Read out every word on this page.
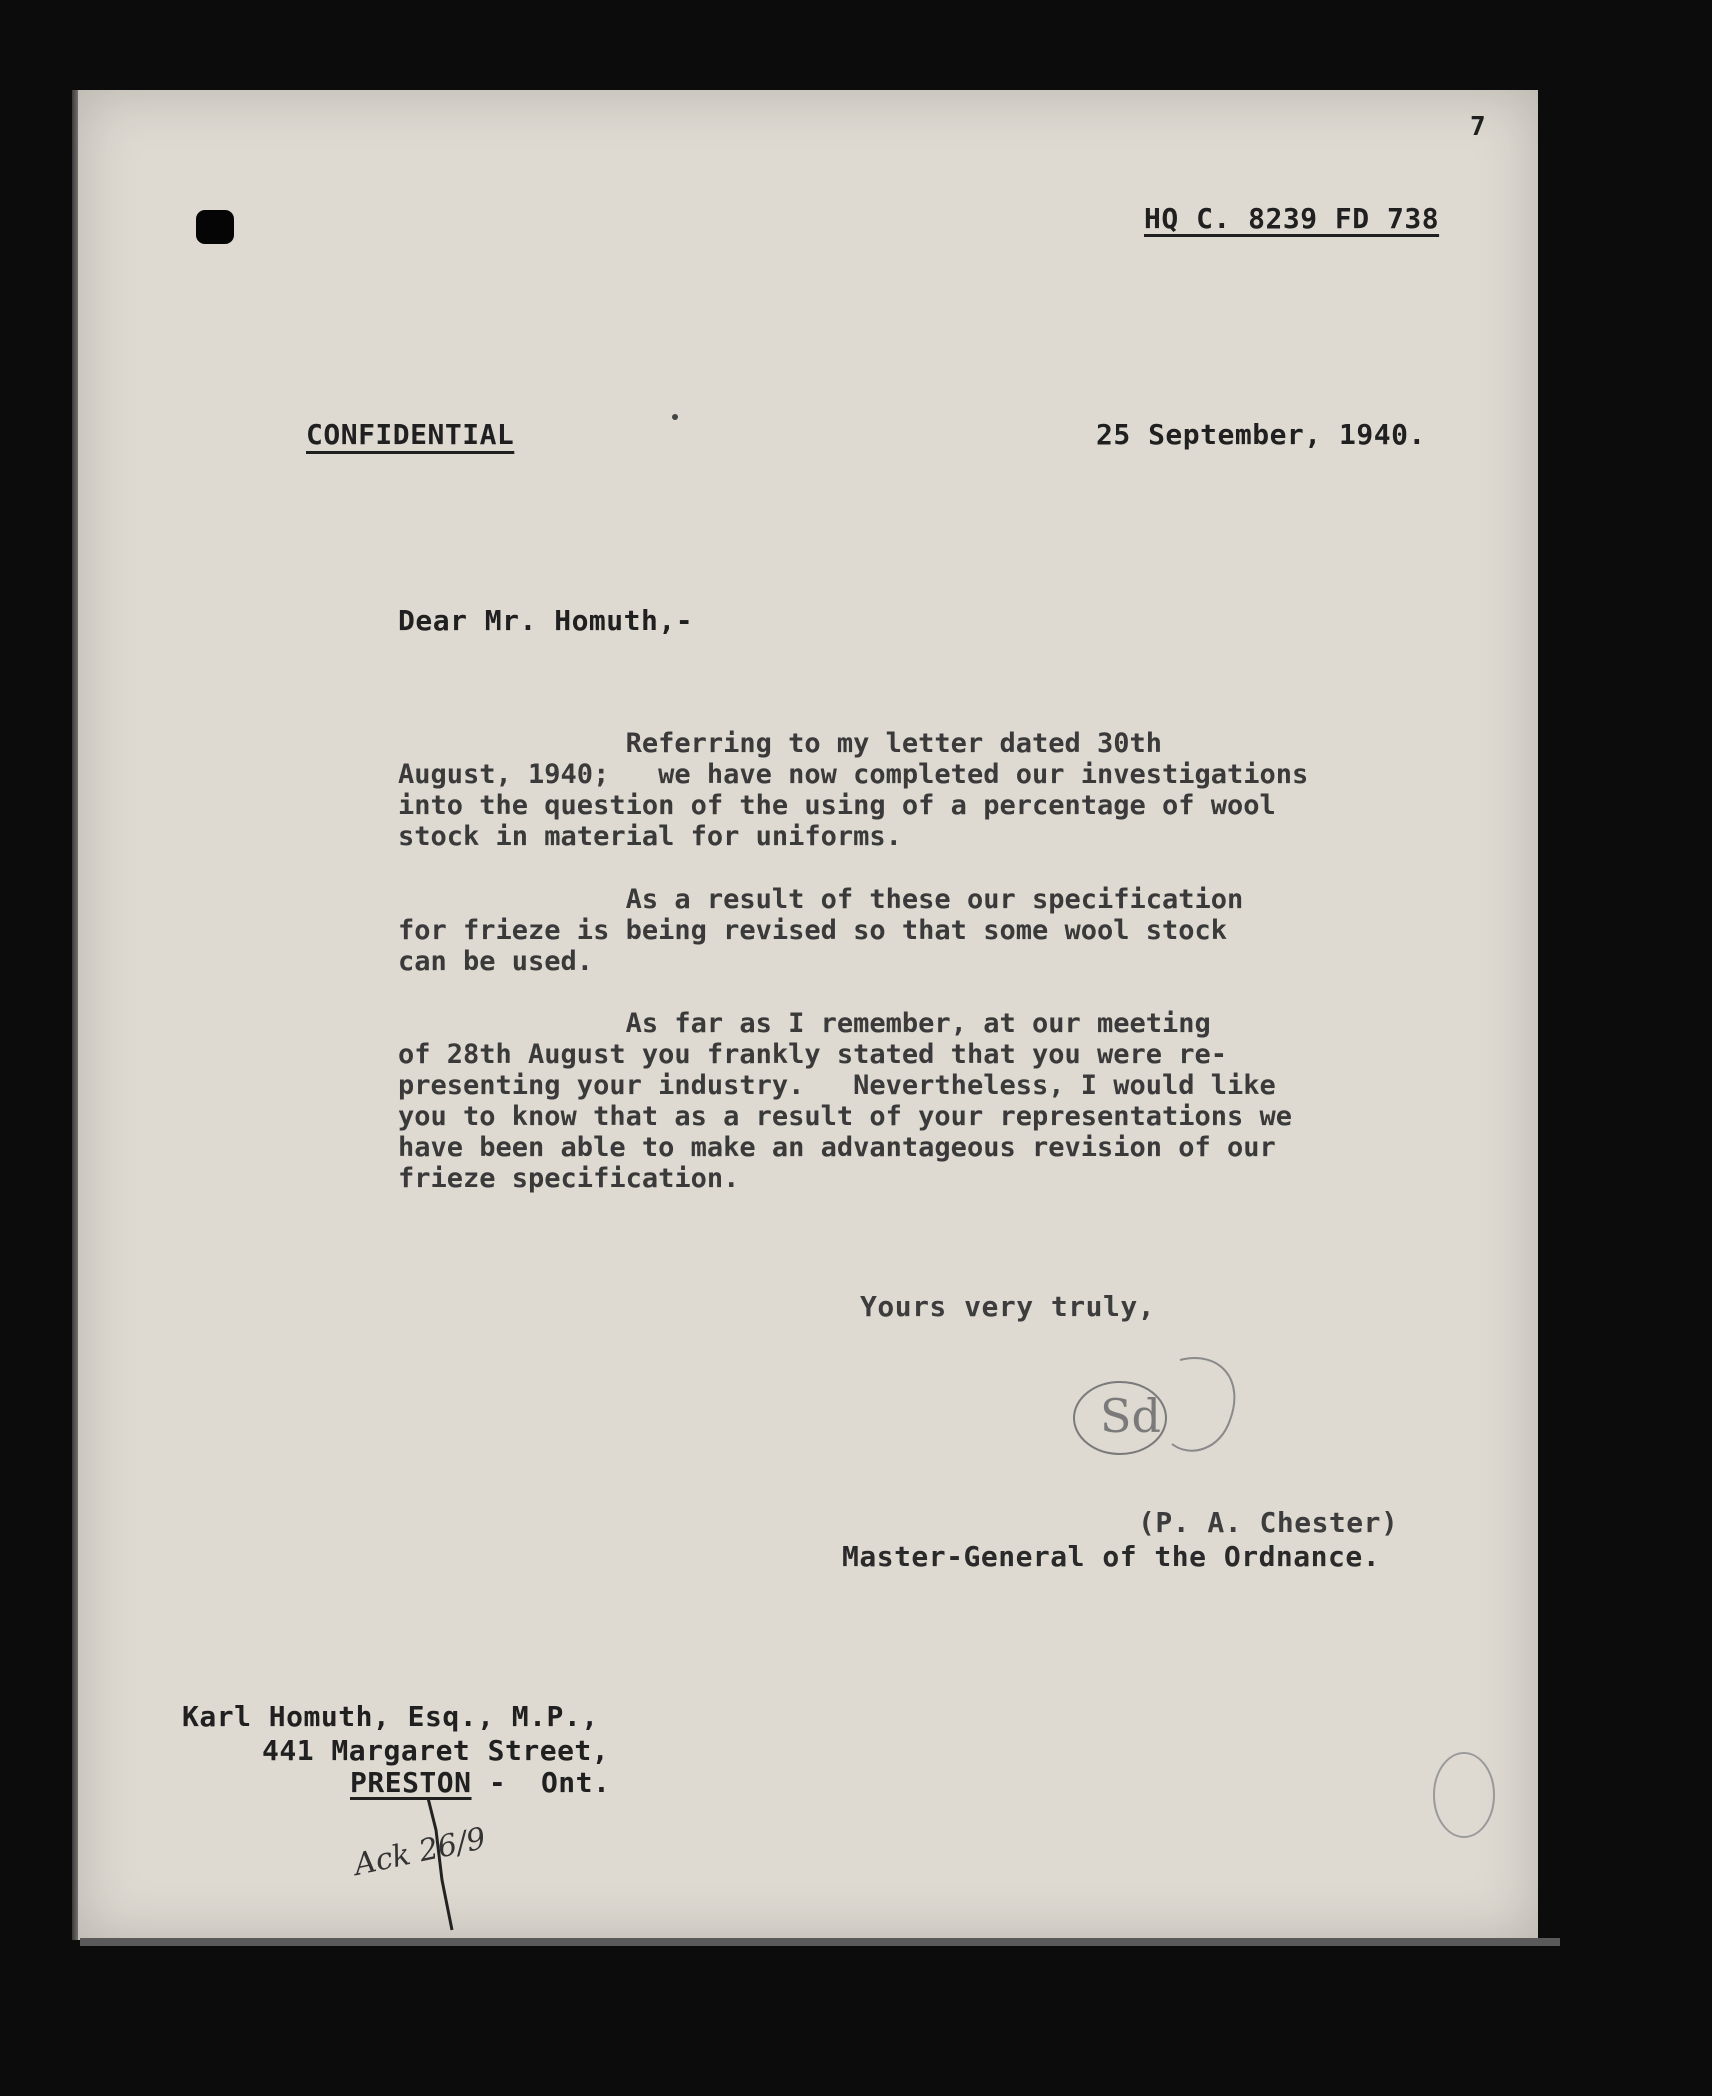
7
HQ C. 8239 FD 738
CONFIDENTIAL	25 September, 1940.
Dear Mr. Homuth,-
Referring to my letter dated 30th
August, 1940;   we have now completed our investigations
into the question of the using of a percentage of wool
stock in material for uniforms.
As a result of these our specification
for frieze is being revised so that some wool stock
can be used.
As far as I remember, at our meeting
of 28th August you frankly stated that you were re-
presenting your industry.   Nevertheless, I would like
you to know that as a result of your representations we
have been able to make an advantageous revision of our
frieze specification.
Yours very truly,
Sd
(P. A. Chester)
Master-General of the Ordnance.
Karl Homuth, Esq., M.P.,
441 Margaret Street,
PRESTON -  Ont.
Ack 26/9
